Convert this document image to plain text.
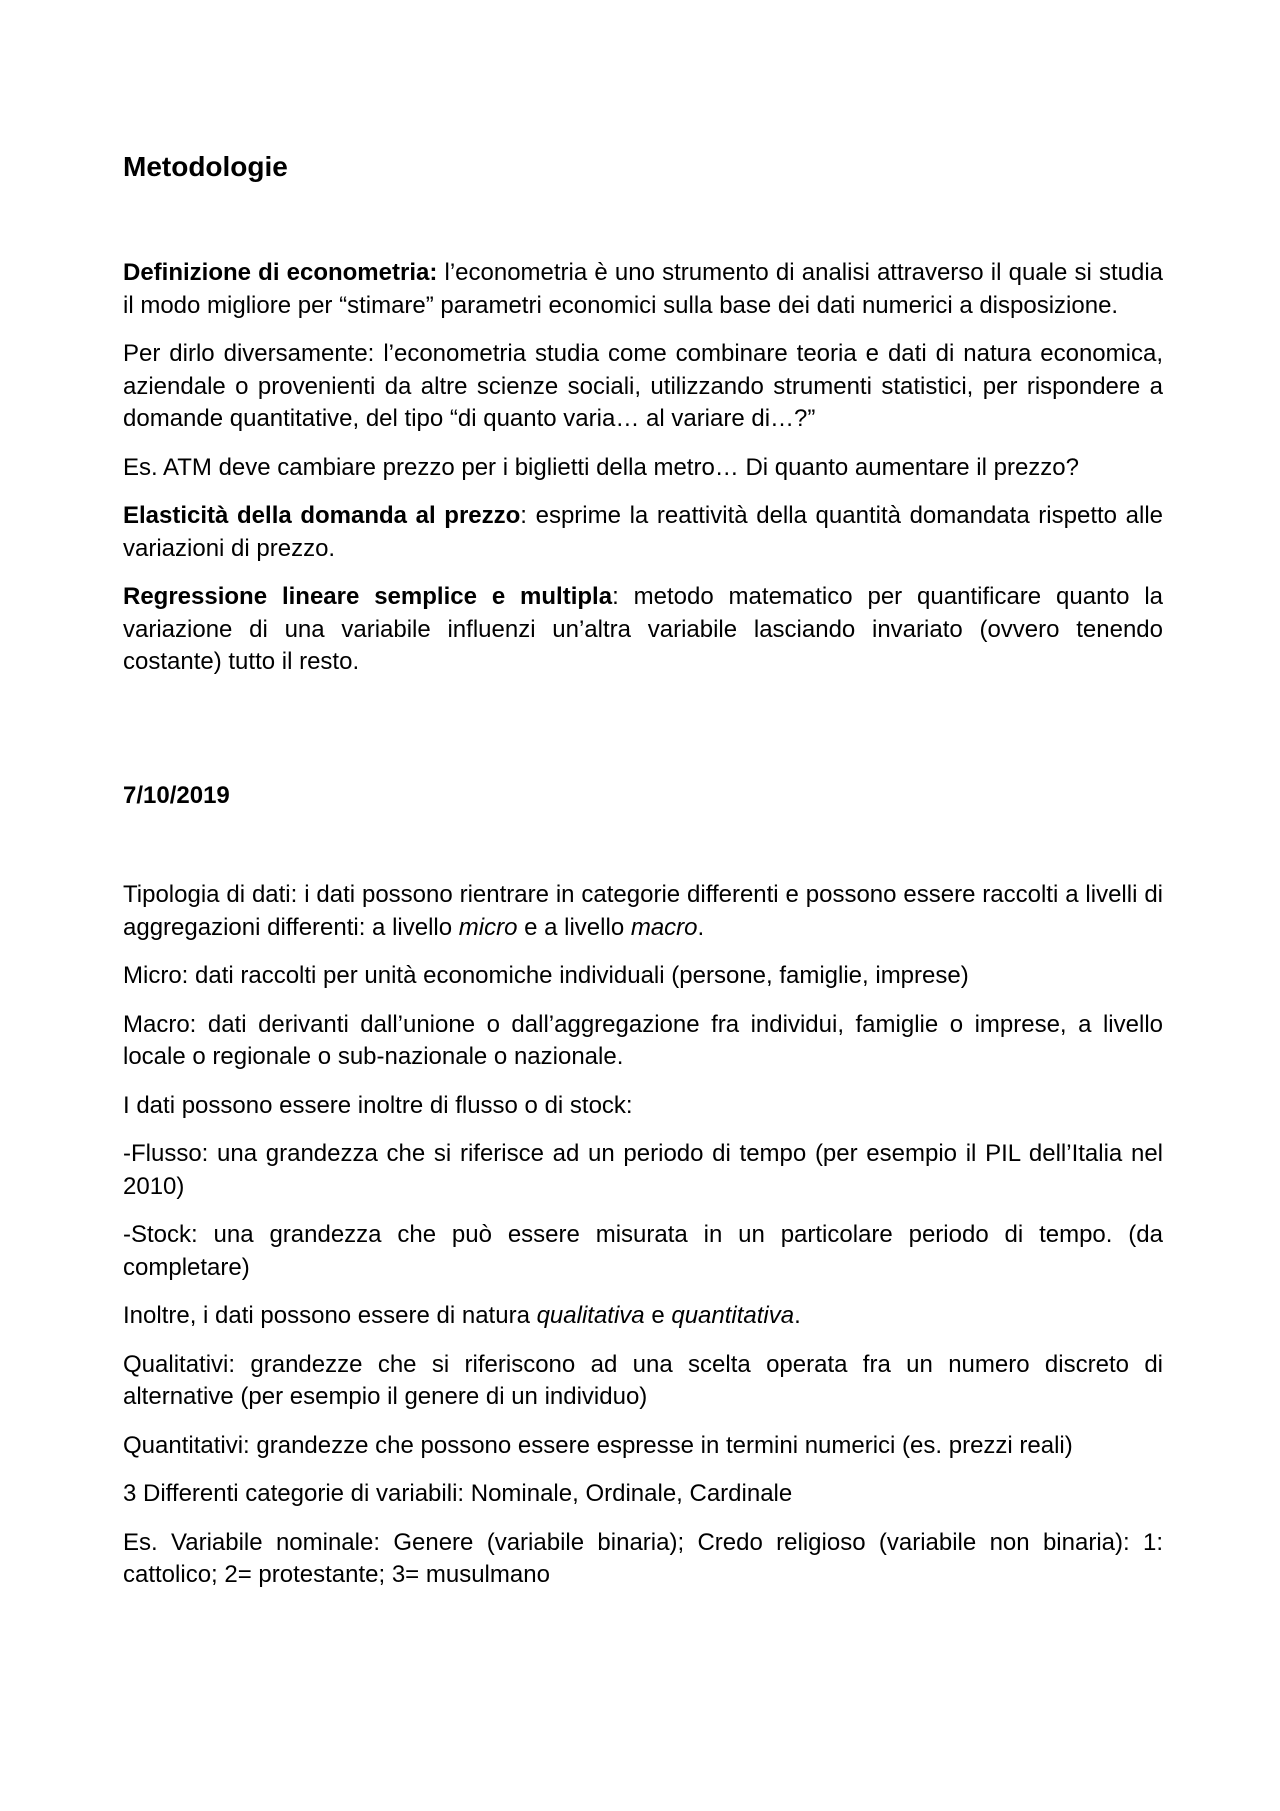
Metodologie

Definizione di econometria: l’econometria è uno strumento di analisi attraverso il quale si studia il modo migliore per “stimare” parametri economici sulla base dei dati numerici a disposizione.

Per dirlo diversamente: l’econometria studia come combinare teoria e dati di natura economica, aziendale o provenienti da altre scienze sociali, utilizzando strumenti statistici, per rispondere a domande quantitative, del tipo “di quanto varia… al variare di…?”

Es. ATM deve cambiare prezzo per i biglietti della metro… Di quanto aumentare il prezzo?

Elasticità della domanda al prezzo: esprime la reattività della quantità domandata rispetto alle variazioni di prezzo.

Regressione lineare semplice e multipla: metodo matematico per quantificare quanto la variazione di una variabile influenzi un’altra variabile lasciando invariato (ovvero tenendo costante) tutto il resto.

7/10/2019

Tipologia di dati: i dati possono rientrare in categorie differenti e possono essere raccolti a livelli di aggregazioni differenti: a livello micro e a livello macro.

Micro: dati raccolti per unità economiche individuali (persone, famiglie, imprese)

Macro: dati derivanti dall’unione o dall’aggregazione fra individui, famiglie o imprese, a livello locale o regionale o sub-nazionale o nazionale.

I dati possono essere inoltre di flusso o di stock:

-Flusso: una grandezza che si riferisce ad un periodo di tempo (per esempio il PIL dell’Italia nel 2010)

-Stock: una grandezza che può essere misurata in un particolare periodo di tempo. (da completare)

Inoltre, i dati possono essere di natura qualitativa e quantitativa.

Qualitativi: grandezze che si riferiscono ad una scelta operata fra un numero discreto di alternative (per esempio il genere di un individuo)

Quantitativi: grandezze che possono essere espresse in termini numerici (es. prezzi reali)

3 Differenti categorie di variabili: Nominale, Ordinale, Cardinale

Es. Variabile nominale: Genere (variabile binaria); Credo religioso (variabile non binaria): 1: cattolico; 2= protestante; 3= musulmano
